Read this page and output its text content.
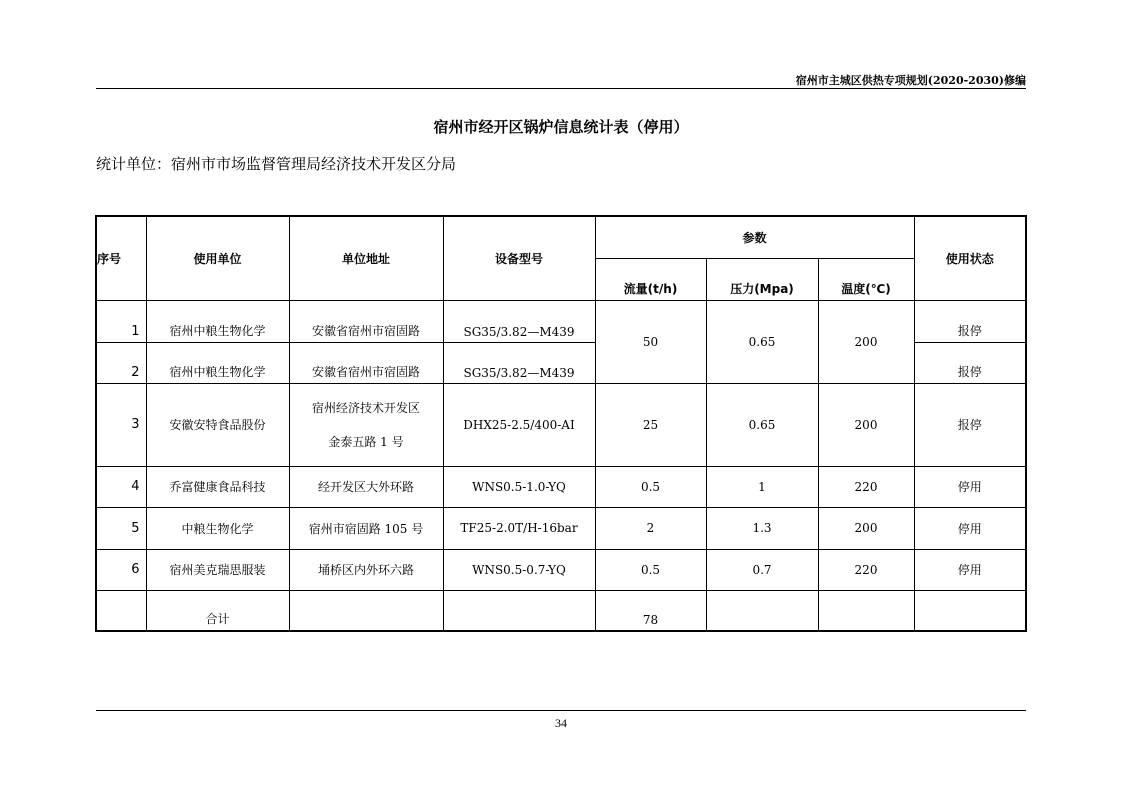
宿州市主城区供热专项规划(2020-2030)修编
宿州市经开区锅炉信息统计表（停用）
统计单位：宿州市市场监督管理局经济技术开发区分局
序号	使用单位	单位地址	设备型号	参数			使用状态
				流量(t/h)	压力(Mpa)	温度(℃)	
1	宿州中粮生物化学	安徽省宿州市宿固路	SG35/3.82—M439	50	0.65	200	报停
2	宿州中粮生物化学	安徽省宿州市宿固路	SG35/3.82—M439				报停
3	安徽安特食品股份	宿州经济技术开发区
金泰五路 1 号	DHX25-2.5/400-AI	25	0.65	200	报停
4	乔富健康食品科技	经开发区大外环路	WNS0.5-1.0-YQ	0.5	1	220	停用
5	中粮生物化学	宿州市宿固路 105 号	TF25-2.0T/H-16bar	2	1.3	200	停用
6	宿州美克瑞思服装	埇桥区内外环六路	WNS0.5-0.7-YQ	0.5	0.7	220	停用
	合计			78			
34
